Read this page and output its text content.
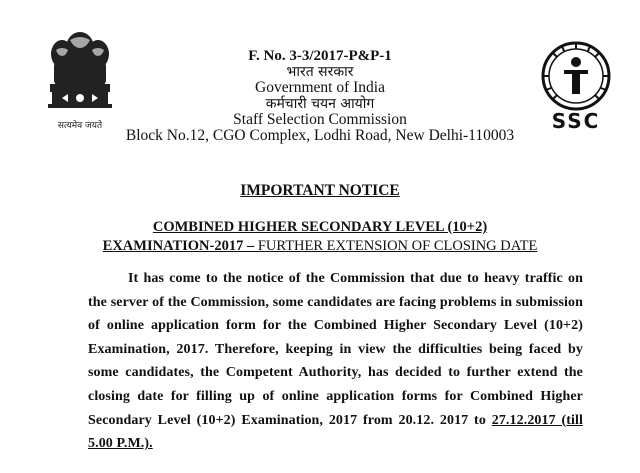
सत्यमेव जयते	SSC
F. No. 3-3/2017-P&P-1
भारत सरकार
Government of India
कर्मचारी चयन आयोग
Staff Selection Commission
Block No.12, CGO Complex, Lodhi Road, New Delhi-110003
IMPORTANT NOTICE
COMBINED HIGHER SECONDARY LEVEL (10+2)
EXAMINATION-2017 – FURTHER EXTENSION OF CLOSING DATE
It has come to the notice of the Commission that due to heavy traffic on the server of the Commission, some candidates are facing problems in submission of online application form for the Combined Higher Secondary Level (10+2) Examination, 2017. Therefore, keeping in view the difficulties being faced by some candidates, the Competent Authority, has decided to further extend the closing date for filling up of online application forms for Combined Higher Secondary Level (10+2) Examination, 2017 from 20.12. 2017 to 27.12.2017 (till 5.00 P.M.).
